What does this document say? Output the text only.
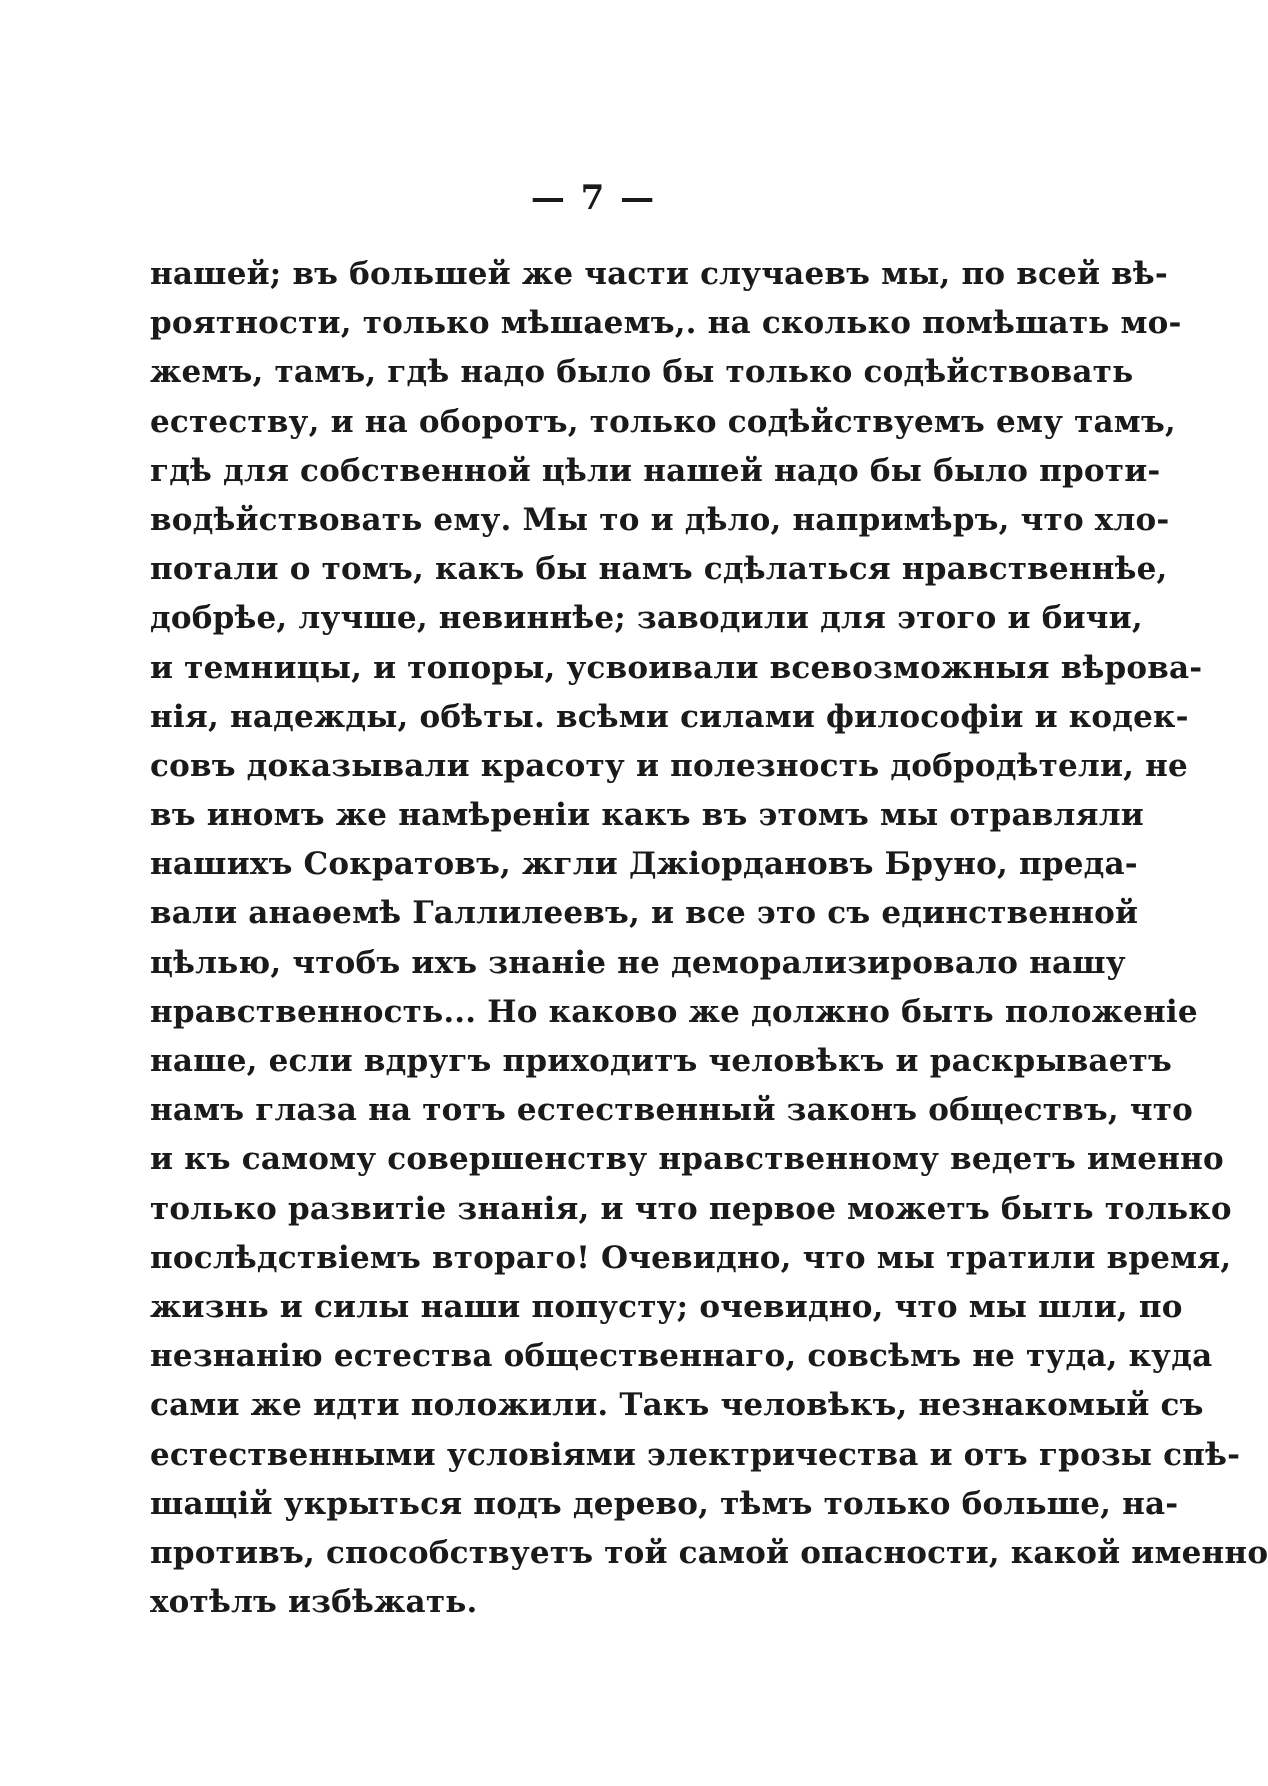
— 7 —
нашей; въ большей же части случаевъ мы, по всей вѣ-
роятности, только мѣшаемъ,. на сколько помѣшать мо-
жемъ, тамъ, гдѣ надо было бы только содѣйствовать
естеству, и на оборотъ, только содѣйствуемъ ему тамъ,
гдѣ для собственной цѣли нашей надо бы было проти-
водѣйствовать ему. Мы то и дѣло, напримѣръ, что хло-
потали о томъ, какъ бы намъ сдѣлаться нравственнѣе,
добрѣе, лучше, невиннѣе; заводили для этого и бичи,
и темницы, и топоры, усвоивали всевозможныя вѣрова-
нія, надежды, обѣты. всѣми силами философіи и кодек-
совъ доказывали красоту и полезность добродѣтели, не
въ иномъ же намѣреніи какъ въ этомъ мы отравляли
нашихъ Сократовъ, жгли Джіордановъ Бруно, преда-
вали анаѳемѣ Галлилеевъ, и все это съ единственной
цѣлью, чтобъ ихъ знаніе не деморализировало нашу
нравственность... Но каково же должно быть положеніе
наше, если вдругъ приходитъ человѣкъ и раскрываетъ
намъ глаза на тотъ естественный законъ обществъ, что
и къ самому совершенству нравственному ведетъ именно
только развитіе знанія, и что первое можетъ быть только
послѣдствіемъ втораго! Очевидно, что мы тратили время,
жизнь и силы наши попусту; очевидно, что мы шли, по
незнанію естества общественнаго, совсѣмъ не туда, куда
сами же идти положили. Такъ человѣкъ, незнакомый съ
естественными условіями электричества и отъ грозы спѣ-
шащій укрыться подъ дерево, тѣмъ только больше, на-
противъ, способствуетъ той самой опасности, какой именно
хотѣлъ избѣжать.
